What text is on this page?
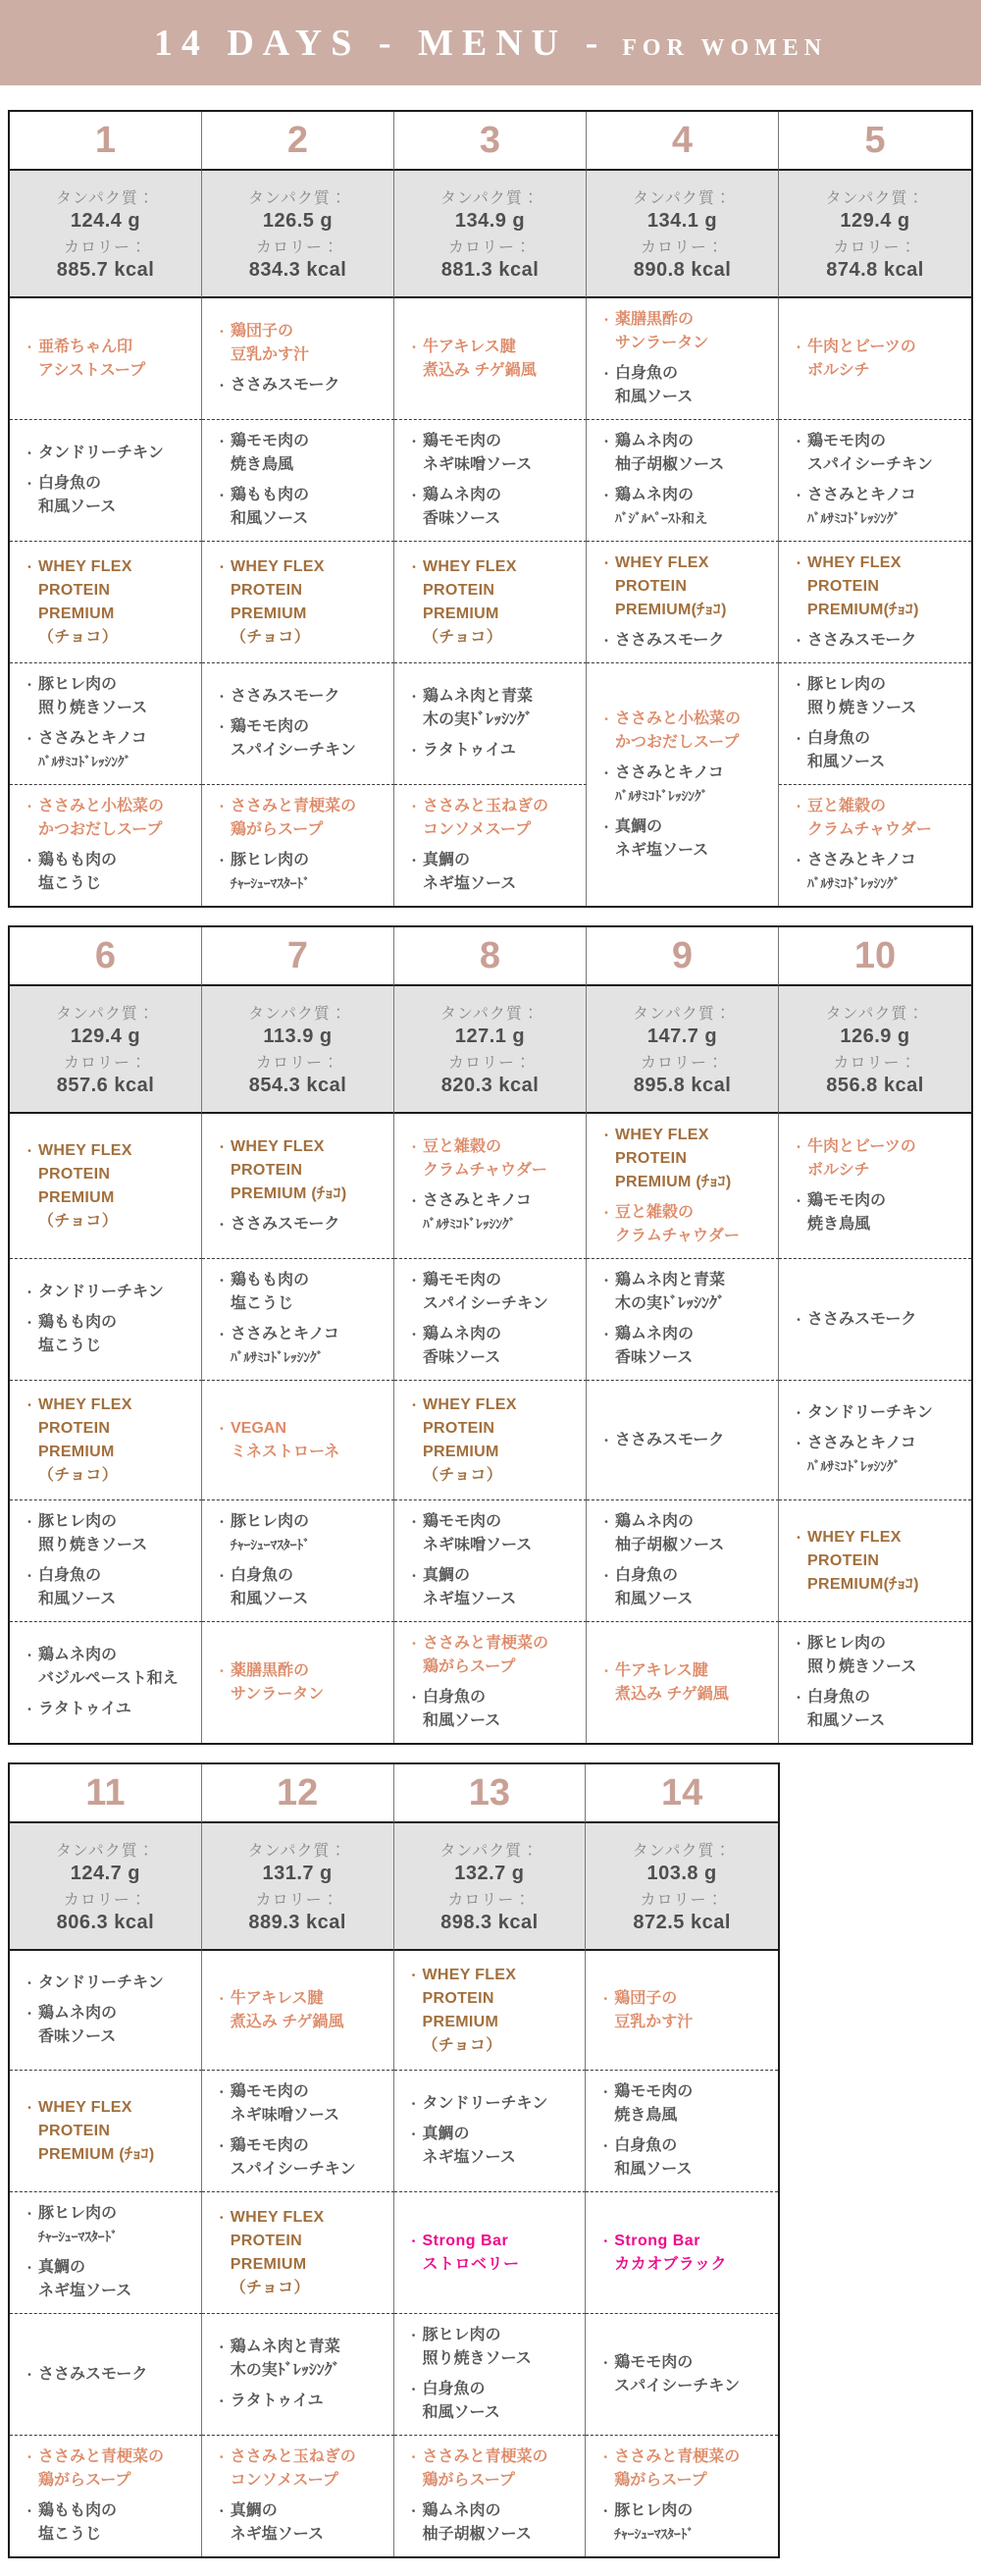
14 DAYS - MENU - FOR WOMEN
1
タンパク質：
124.4 g
カロリー：
885.7 kcal
・ 亜希ちゃん印
アシストスープ
・ タンドリーチキン
・ 白身魚の
和風ソース
・ WHEY FLEX
PROTEIN
PREMIUM
（チョコ）
・ 豚ヒレ肉の
照り焼きソース
・ ささみとキノコ
ﾊﾞﾙｻﾐｺﾄﾞﾚｯｼﾝｸﾞ
・ ささみと小松菜の
かつおだしスープ
・ 鶏もも肉の
塩こうじ
2
タンパク質：
126.5 g
カロリー：
834.3 kcal
・ 鶏団子の
豆乳かす汁
・ ささみスモーク
・ 鶏モモ肉の
焼き鳥風
・ 鶏もも肉の
和風ソース
・ WHEY FLEX
PROTEIN
PREMIUM
（チョコ）
・ ささみスモーク
・ 鶏モモ肉の
スパイシーチキン
・ ささみと青梗菜の
鶏がらスープ
・ 豚ヒレ肉の
ﾁｬｰｼｭｰﾏｽﾀｰﾄﾞ
3
タンパク質：
134.9 g
カロリー：
881.3 kcal
・ 牛アキレス腱
煮込み チゲ鍋風
・ 鶏モモ肉の
ネギ味噌ソース
・ 鶏ムネ肉の
香味ソース
・ WHEY FLEX
PROTEIN
PREMIUM
（チョコ）
・ 鶏ムネ肉と青菜
木の実ﾄﾞﾚｯｼﾝｸﾞ
・ ラタトゥイユ
・ ささみと玉ねぎの
コンソメスープ
・ 真鯛の
ネギ塩ソース
4
タンパク質：
134.1 g
カロリー：
890.8 kcal
・ 薬膳黒酢の
サンラータン
・ 白身魚の
和風ソース
・ 鶏ムネ肉の
柚子胡椒ソース
・ 鶏ムネ肉の
ﾊﾞｼﾞﾙﾍﾟｰｽﾄ和え
・ WHEY FLEX
PROTEIN
PREMIUM(ﾁｮｺ)
・ ささみスモーク
・ ささみと小松菜の
かつおだしスープ
・ ささみとキノコ
ﾊﾞﾙｻﾐｺﾄﾞﾚｯｼﾝｸﾞ
・ 真鯛の
ネギ塩ソース
5
タンパク質：
129.4 g
カロリー：
874.8 kcal
・ 牛肉とビーツの
ボルシチ
・ 鶏モモ肉の
スパイシーチキン
・ ささみとキノコ
ﾊﾞﾙｻﾐｺﾄﾞﾚｯｼﾝｸﾞ
・ WHEY FLEX
PROTEIN
PREMIUM(ﾁｮｺ)
・ ささみスモーク
・ 豚ヒレ肉の
照り焼きソース
・ 白身魚の
和風ソース
・ 豆と雑穀の
クラムチャウダー
・ ささみとキノコ
ﾊﾞﾙｻﾐｺﾄﾞﾚｯｼﾝｸﾞ
6
タンパク質：
129.4 g
カロリー：
857.6 kcal
・ WHEY FLEX
PROTEIN
PREMIUM
（チョコ）
・ タンドリーチキン
・ 鶏もも肉の
塩こうじ
・ WHEY FLEX
PROTEIN
PREMIUM
（チョコ）
・ 豚ヒレ肉の
照り焼きソース
・ 白身魚の
和風ソース
・ 鶏ムネ肉の
バジルペースト和え
・ ラタトゥイユ
7
タンパク質：
113.9 g
カロリー：
854.3 kcal
・ WHEY FLEX
PROTEIN
PREMIUM (ﾁｮｺ)
・ ささみスモーク
・ 鶏もも肉の
塩こうじ
・ ささみとキノコ
ﾊﾞﾙｻﾐｺﾄﾞﾚｯｼﾝｸﾞ
・ VEGAN
ミネストローネ
・ 豚ヒレ肉の
ﾁｬｰｼｭｰﾏｽﾀｰﾄﾞ
・ 白身魚の
和風ソース
・ 薬膳黒酢の
サンラータン
8
タンパク質：
127.1 g
カロリー：
820.3 kcal
・ 豆と雑穀の
クラムチャウダー
・ ささみとキノコ
ﾊﾞﾙｻﾐｺﾄﾞﾚｯｼﾝｸﾞ
・ 鶏モモ肉の
スパイシーチキン
・ 鶏ムネ肉の
香味ソース
・ WHEY FLEX
PROTEIN
PREMIUM
（チョコ）
・ 鶏モモ肉の
ネギ味噌ソース
・ 真鯛の
ネギ塩ソース
・ ささみと青梗菜の
鶏がらスープ
・ 白身魚の
和風ソース
9
タンパク質：
147.7 g
カロリー：
895.8 kcal
・ WHEY FLEX
PROTEIN
PREMIUM (ﾁｮｺ)
・ 豆と雑穀の
クラムチャウダー
・ 鶏ムネ肉と青菜
木の実ﾄﾞﾚｯｼﾝｸﾞ
・ 鶏ムネ肉の
香味ソース
・ ささみスモーク
・ 鶏ムネ肉の
柚子胡椒ソース
・ 白身魚の
和風ソース
・ 牛アキレス腱
煮込み チゲ鍋風
10
タンパク質：
126.9 g
カロリー：
856.8 kcal
・ 牛肉とビーツの
ボルシチ
・ 鶏モモ肉の
焼き鳥風
・ ささみスモーク
・ タンドリーチキン
・ ささみとキノコ
ﾊﾞﾙｻﾐｺﾄﾞﾚｯｼﾝｸﾞ
・ WHEY FLEX
PROTEIN
PREMIUM(ﾁｮｺ)
・ 豚ヒレ肉の
照り焼きソース
・ 白身魚の
和風ソース
11
タンパク質：
124.7 g
カロリー：
806.3 kcal
・ タンドリーチキン
・ 鶏ムネ肉の
香味ソース
・ WHEY FLEX
PROTEIN
PREMIUM (ﾁｮｺ)
・ 豚ヒレ肉の
ﾁｬｰｼｭｰﾏｽﾀｰﾄﾞ
・ 真鯛の
ネギ塩ソース
・ ささみスモーク
・ ささみと青梗菜の
鶏がらスープ
・ 鶏もも肉の
塩こうじ
12
タンパク質：
131.7 g
カロリー：
889.3 kcal
・ 牛アキレス腱
煮込み チゲ鍋風
・ 鶏モモ肉の
ネギ味噌ソース
・ 鶏モモ肉の
スパイシーチキン
・ WHEY FLEX
PROTEIN
PREMIUM
（チョコ）
・ 鶏ムネ肉と青菜
木の実ﾄﾞﾚｯｼﾝｸﾞ
・ ラタトゥイユ
・ ささみと玉ねぎの
コンソメスープ
・ 真鯛の
ネギ塩ソース
13
タンパク質：
132.7 g
カロリー：
898.3 kcal
・ WHEY FLEX
PROTEIN
PREMIUM
（チョコ）
・ タンドリーチキン
・ 真鯛の
ネギ塩ソース
・ Strong Bar
ストロベリー
・ 豚ヒレ肉の
照り焼きソース
・ 白身魚の
和風ソース
・ ささみと青梗菜の
鶏がらスープ
・ 鶏ムネ肉の
柚子胡椒ソース
14
タンパク質：
103.8 g
カロリー：
872.5 kcal
・ 鶏団子の
豆乳かす汁
・ 鶏モモ肉の
焼き鳥風
・ 白身魚の
和風ソース
・ Strong Bar
カカオブラック
・ 鶏モモ肉の
スパイシーチキン
・ ささみと青梗菜の
鶏がらスープ
・ 豚ヒレ肉の
ﾁｬｰｼｭｰﾏｽﾀｰﾄﾞ
